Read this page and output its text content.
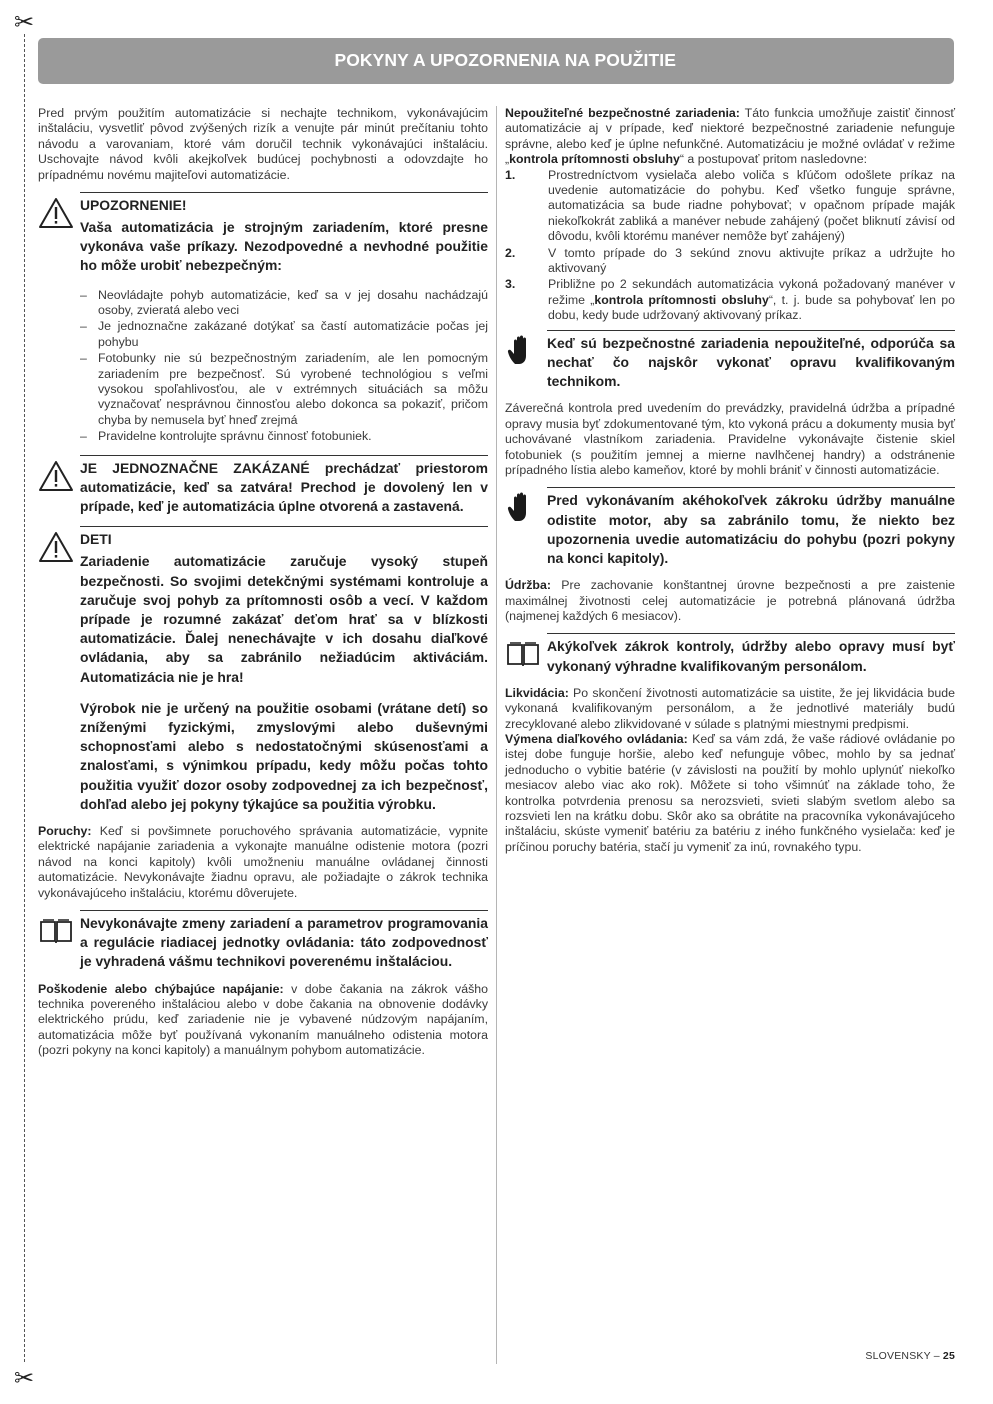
✂
✂
POKYNY A UPOZORNENIA NA POUŽITIE

Pred prvým použitím automatizácie si nechajte technikom, vykonávajúcim inštaláciu, vysvetliť pôvod zvýšených rizík a venujte pár minút prečítaniu tohto návodu a varovaniam, ktoré vám doručil technik vykonávajúci inštaláciu. Uschovajte návod kvôli akejkoľvek budúcej pochybnosti a odovzdajte ho prípadnému novému majiteľovi automatizácie.

UPOZORNENIE!
Vaša automatizácia je strojným zariadením, ktoré presne vykonáva vaše príkazy. Nezodpovedné a nevhodné použitie ho môže urobiť nebezpečným:
– Neovládajte pohyb automatizácie, keď sa v jej dosahu nachádzajú osoby, zvieratá alebo veci
– Je jednoznačne zakázané dotýkať sa častí automatizácie počas jej pohybu
– Fotobunky nie sú bezpečnostným zariadením, ale len pomocným zariadením pre bezpečnosť. Sú vyrobené technológiou s veľmi vysokou spoľahlivosťou, ale v extrémnych situáciách sa môžu vyznačovať nesprávnou činnosťou alebo dokonca sa pokaziť, pričom chyba by nemusela byť hneď zrejmá
– Pravidelne kontrolujte správnu činnosť fotobuniek.
JE JEDNOZNAČNE ZAKÁZANÉ prechádzať priestorom automatizácie, keď sa zatvára! Prechod je dovolený len v prípade, keď je automatizácia úplne otvorená a zastavená.
DETI
Zariadenie automatizácie zaručuje vysoký stupeň bezpečnosti. So svojimi detekčnými systémami kontroluje a zaručuje svoj pohyb za prítomnosti osôb a vecí. V každom prípade je rozumné zakázať deťom hrať sa v blízkosti automatizácie. Ďalej nenechávajte v ich dosahu diaľkové ovládania, aby sa zabránilo nežiadúcim aktiváciám. Automatizácia nie je hra!
Výrobok nie je určený na použitie osobami (vrátane detí) so zníženými fyzickými, zmyslovými alebo duševnými schopnosťami alebo s nedostatočnými skúsenosťami a znalosťami, s výnimkou prípadu, kedy môžu počas tohto použitia využiť dozor osoby zodpovednej za ich bezpečnosť, dohľad alebo jej pokyny týkajúce sa použitia výrobku.

Poruchy: Keď si povšimnete poruchového správania automatizácie, vypnite elektrické napájanie zariadenia a vykonajte manuálne odistenie motora (pozri návod na konci kapitoly) kvôli umožneniu manuálne ovládanej činnosti automatizácie. Nevykonávajte žiadnu opravu, ale požiadajte o zákrok technika vykonávajúceho inštaláciu, ktorému dôverujete.

Nevykonávajte zmeny zariadení a parametrov programovania a regulácie riadiacej jednotky ovládania: táto zodpovednosť je vyhradená vášmu technikovi poverenému inštaláciou.

Poškodenie alebo chýbajúce napájanie: v dobe čakania na zákrok vášho technika povereného inštaláciou alebo v dobe čakania na obnovenie dodávky elektrického prúdu, keď zariadenie nie je vybavené núdzovým napájaním, automatizácia môže byť používaná vykonaním manuálneho odistenia motora (pozri pokyny na konci kapitoly) a manuálnym pohybom automatizácie.

Nepoužiteľné bezpečnostné zariadenia: Táto funkcia umožňuje zaistiť činnosť automatizácie aj v prípade, keď niektoré bezpečnostné zariadenie nefunguje správne, alebo keď je úplne nefunkčné. Automatizáciu je možné ovládať v režime „kontrola prítomnosti obsluhy“ a postupovať pritom nasledovne:

1.	Prostredníctvom vysielača alebo voliča s kľúčom odošlete príkaz na uvedenie automatizácie do pohybu. Keď všetko funguje správne, automatizácia sa bude riadne pohybovať; v opačnom prípade maják niekoľkokrát zabliká a manéver nebude zahájený (počet bliknutí závisí od dôvodu, kvôli ktorému manéver nemôže byť zahájený)
2.	V tomto prípade do 3 sekúnd znovu aktivujte príkaz a udržujte ho aktivovaný
3.	Približne po 2 sekundách automatizácia vykoná požadovaný manéver v režime „kontrola prítomnosti obsluhy“, t. j. bude sa pohybovať len po dobu, kedy bude udržovaný aktivovaný príkaz.
Keď sú bezpečnostné zariadenia nepoužiteľné, odporúča sa nechať čo najskôr vykonať opravu kvalifikovaným technikom.

Záverečná kontrola pred uvedením do prevádzky, pravidelná údržba a prípadné opravy musia byť zdokumentované tým, kto vykoná prácu a dokumenty musia byť uchovávané vlastníkom zariadenia. Pravidelne vykonávajte čistenie skiel fotobuniek (s použitím jemnej a mierne navlhčenej handry) a odstránenie prípadného lístia alebo kameňov, ktoré by mohli brániť v činnosti automatizácie.

Pred vykonávaním akéhokoľvek zákroku údržby manuálne odistite motor, aby sa zabránilo tomu, že niekto bez upozornenia uvedie automatizáciu do pohybu (pozri pokyny na konci kapitoly).

Údržba: Pre zachovanie konštantnej úrovne bezpečnosti a pre zaistenie maximálnej životnosti celej automatizácie je potrebná plánovaná údržba (najmenej každých 6 mesiacov).

Akýkoľvek zákrok kontroly, údržby alebo opravy musí byť vykonaný výhradne kvalifikovaným personálom.

Likvidácia: Po skončení životnosti automatizácie sa uistite, že jej likvidácia bude vykonaná kvalifikovaným personálom, a že jednotlivé materiály budú zrecyklované alebo zlikvidované v súlade s platnými miestnymi predpismi.

Výmena diaľkového ovládania: Keď sa vám zdá, že vaše rádiové ovládanie po istej dobe funguje horšie, alebo keď nefunguje vôbec, mohlo by sa jednať jednoducho o vybitie batérie (v závislosti na použití by mohlo uplynúť niekoľko mesiacov alebo viac ako rok). Môžete si toho všimnúť na základe toho, že kontrolka potvrdenia prenosu sa nerozsvieti, svieti slabým svetlom alebo sa rozsvieti len na krátku dobu. Skôr ako sa obrátite na pracovníka vykonávajúceho inštaláciu, skúste vymeniť batériu za batériu z iného funkčného vysielača: keď je príčinou poruchy batéria, stačí ju vymeniť za inú, rovnakého typu.

SLOVENSKY – 25
